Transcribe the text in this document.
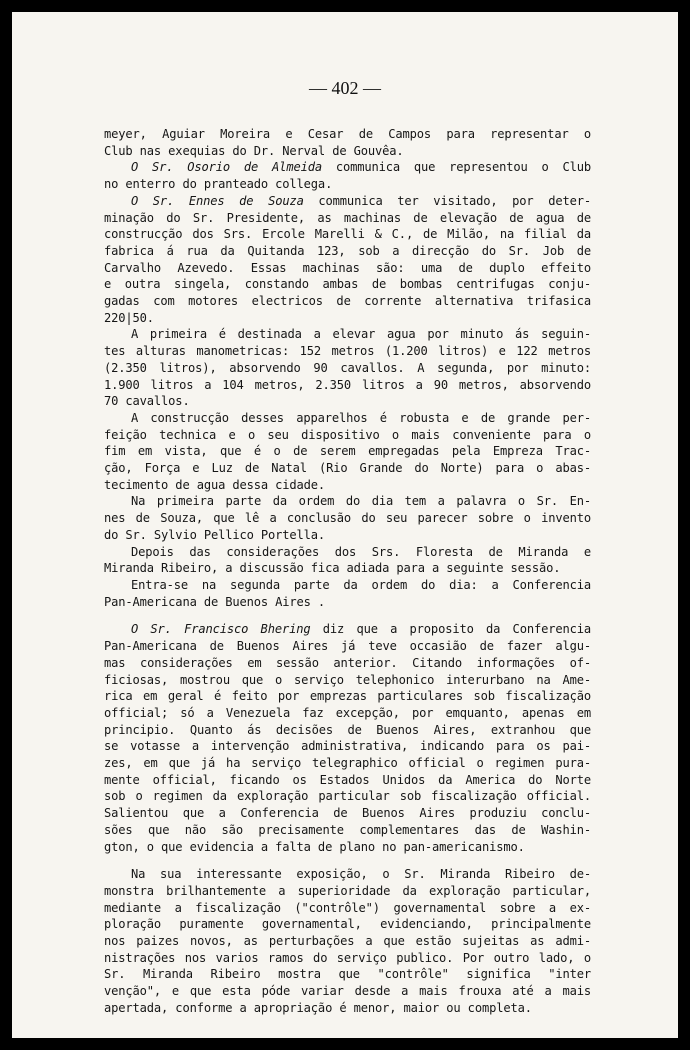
— 402 —

meyer, Aguiar Moreira e Cesar de Campos para representar o
Club nas exequias do Dr. Nerval de Gouvêa.

O Sr. Osorio de Almeida communica que representou o Club
no enterro do pranteado collega.

O Sr. Ennes de Souza communica ter visitado, por deter-
minação do Sr. Presidente, as machinas de elevação de agua de
construcção dos Srs. Ercole Marelli & C., de Milão, na filial da
fabrica á rua da Quitanda 123, sob a direcção do Sr. Job de
Carvalho Azevedo. Essas machinas são: uma de duplo effeito
e outra singela, constando ambas de bombas centrifugas conju-
gadas com motores electricos de corrente alternativa trifasica
220|50.

A primeira é destinada a elevar agua por minuto ás seguin-
tes alturas manometricas: 152 metros (1.200 litros) e 122 metros
(2.350 litros), absorvendo 90 cavallos. A segunda, por minuto:
1.900 litros a 104 metros, 2.350 litros a 90 metros, absorvendo
70 cavallos.

A construcção desses apparelhos é robusta e de grande per-
feição technica e o seu dispositivo o mais conveniente para o
fim em vista, que é o de serem empregadas pela Empreza Trac-
ção, Força e Luz de Natal (Rio Grande do Norte) para o abas-
tecimento de agua dessa cidade.

Na primeira parte da ordem do dia tem a palavra o Sr. En-
nes de Souza, que lê a conclusão do seu parecer sobre o invento
do Sr. Sylvio Pellico Portella.

Depois das considerações dos Srs. Floresta de Miranda e
Miranda Ribeiro, a discussão fica adiada para a seguinte sessão.

Entra-se na segunda parte da ordem do dia: a Conferencia
Pan-Americana de Buenos Aires .

O Sr. Francisco Bhering diz que a proposito da Conferencia
Pan-Americana de Buenos Aires já teve occasião de fazer algu-
mas considerações em sessão anterior. Citando informações of-
ficiosas, mostrou que o serviço telephonico interurbano na Ame-
rica em geral é feito por emprezas particulares sob fiscalização
official; só a Venezuela faz excepção, por emquanto, apenas em
principio. Quanto ás decisões de Buenos Aires, extranhou que
se votasse a intervenção administrativa, indicando para os pai-
zes, em que já ha serviço telegraphico official o regimen pura-
mente official, ficando os Estados Unidos da America do Norte
sob o regimen da exploração particular sob fiscalização official.
Salientou que a Conferencia de Buenos Aires produziu conclu-
sões que não são precisamente complementares das de Washin-
gton, o que evidencia a falta de plano no pan-americanismo.

Na sua interessante exposição, o Sr. Miranda Ribeiro de-
monstra brilhantemente a superioridade da exploração particular,
mediante a fiscalização ("contrôle") governamental sobre a ex-
ploração puramente governamental, evidenciando, principalmente
nos paizes novos, as perturbações a que estão sujeitas as admi-
nistrações nos varios ramos do serviço publico. Por outro lado, o
Sr. Miranda Ribeiro mostra que "contrôle" significa "inter
venção", e que esta póde variar desde a mais frouxa até a mais
apertada, conforme a apropriação é menor, maior ou completa.
